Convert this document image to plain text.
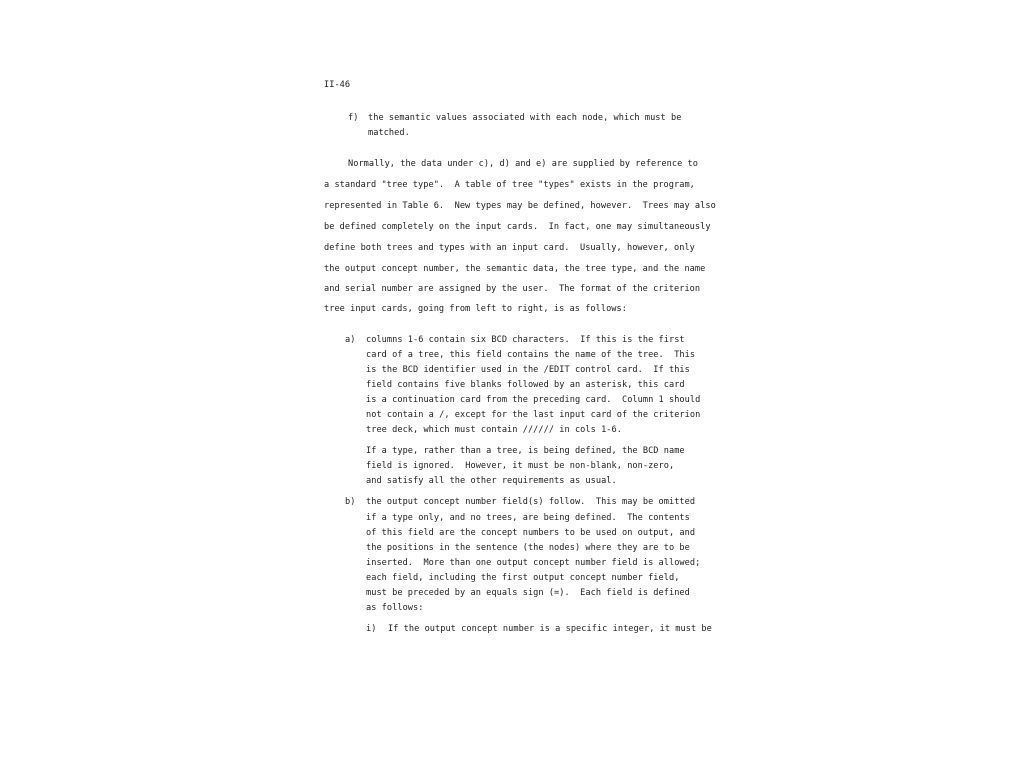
II-46
f) the semantic values associated with each node, which must be
matched.
Normally, the data under c), d) and e) are supplied by reference to
a standard "tree type".  A table of tree "types" exists in the program,
represented in Table 6.  New types may be defined, however.  Trees may also
be defined completely on the input cards.  In fact, one may simultaneously
define both trees and types with an input card.  Usually, however, only
the output concept number, the semantic data, the tree type, and the name
and serial number are assigned by the user.  The format of the criterion
tree input cards, going from left to right, is as follows:
a) columns 1-6 contain six BCD characters.  If this is the first
card of a tree, this field contains the name of the tree.  This
is the BCD identifier used in the /EDIT control card.  If this
field contains five blanks followed by an asterisk, this card
is a continuation card from the preceding card.  Column 1 should
not contain a /, except for the last input card of the criterion
tree deck, which must contain ////// in cols 1-6.
If a type, rather than a tree, is being defined, the BCD name
field is ignored.  However, it must be non-blank, non-zero,
and satisfy all the other requirements as usual.
b) the output concept number field(s) follow.  This may be omitted
if a type only, and no trees, are being defined.  The contents
of this field are the concept numbers to be used on output, and
the positions in the sentence (the nodes) where they are to be
inserted.  More than one output concept number field is allowed;
each field, including the first output concept number field,
must be preceded by an equals sign (=).  Each field is defined
as follows:
i) If the output concept number is a specific integer, it must be
